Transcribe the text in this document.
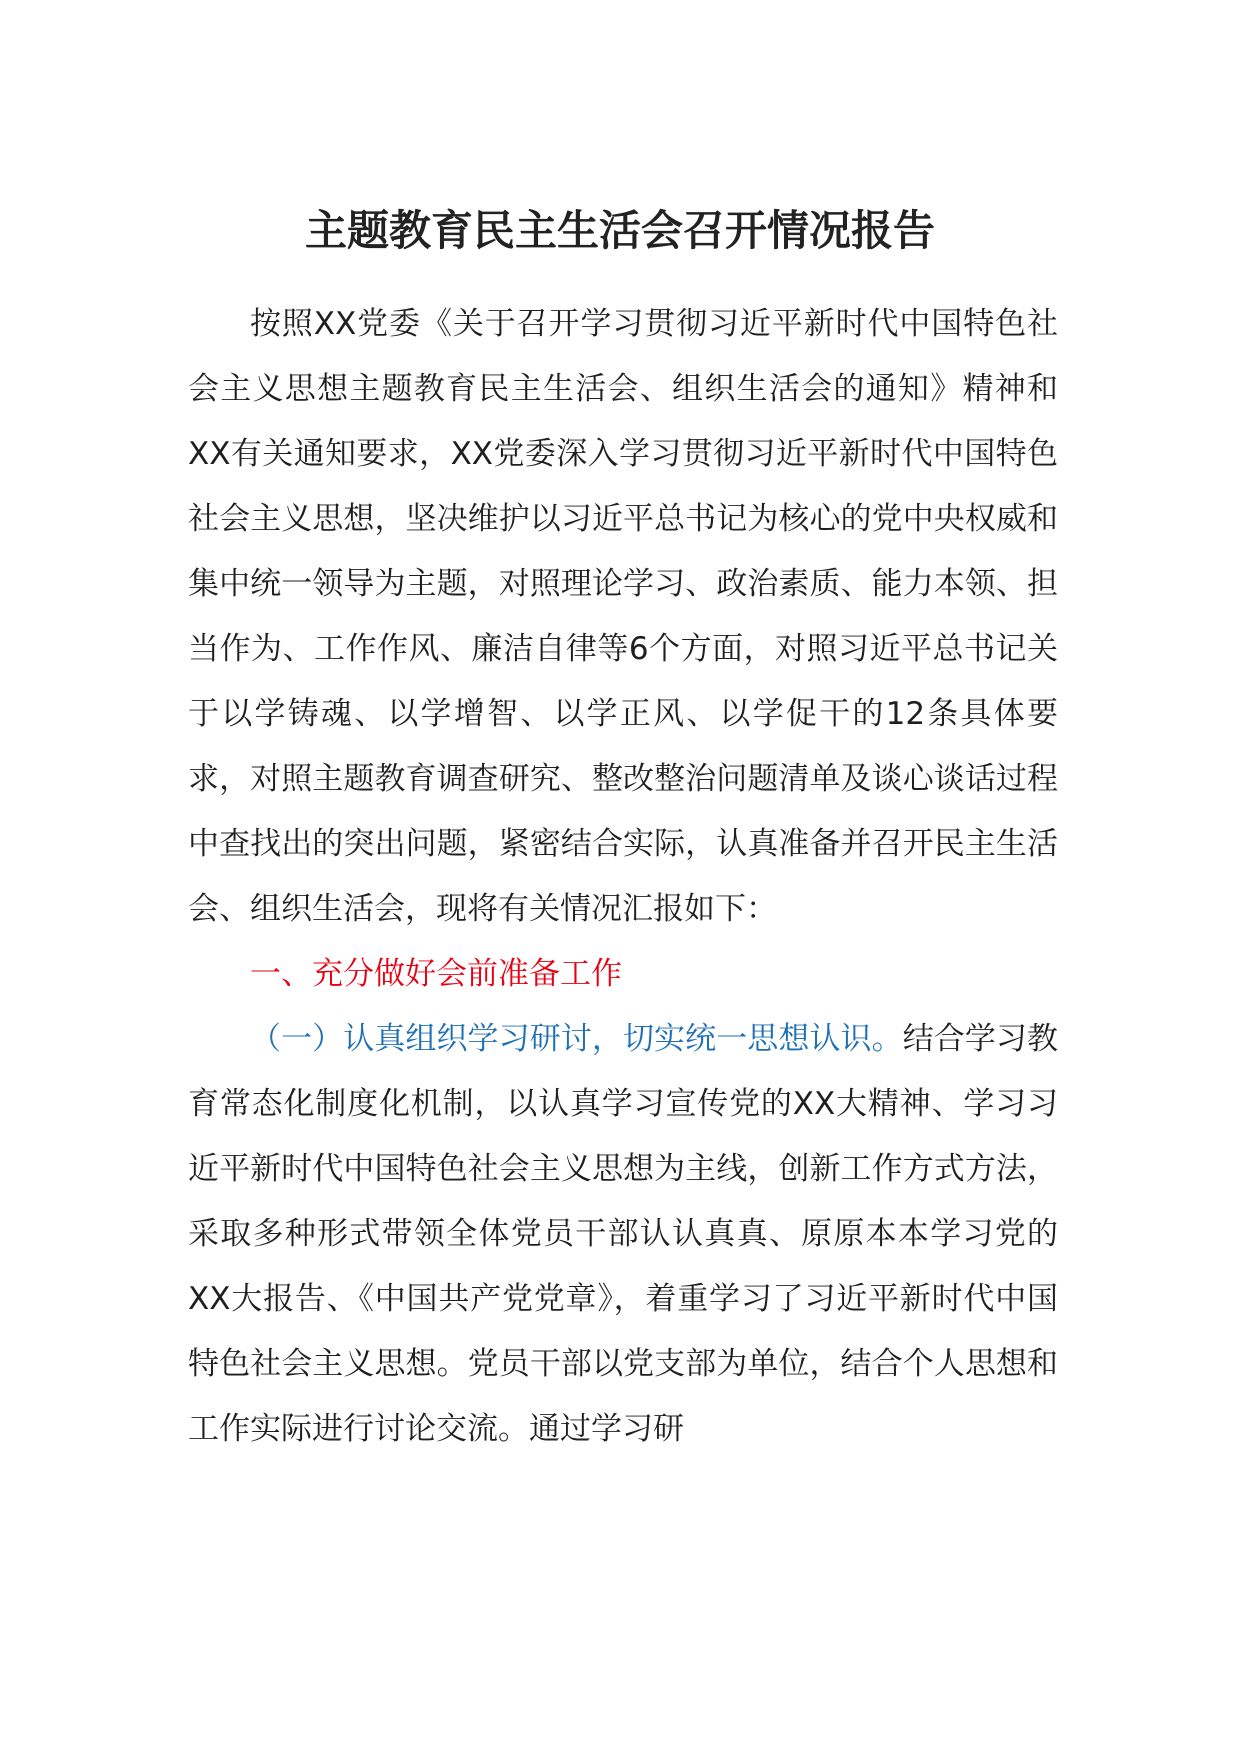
主题教育民主生活会召开情况报告

按照XX党委《关于召开学习贯彻习近平新时代中国特色社会主义思想主题教育民主生活会、组织生活会的通知》精神和XX有关通知要求，XX党委深入学习贯彻习近平新时代中国特色社会主义思想，坚决维护以习近平总书记为核心的党中央权威和集中统一领导为主题，对照理论学习、政治素质、能力本领、担当作为、工作作风、廉洁自律等6个方面，对照习近平总书记关于以学铸魂、以学增智、以学正风、以学促干的12条具体要求，对照主题教育调查研究、整改整治问题清单及谈心谈话过程中查找出的突出问题，紧密结合实际，认真准备并召开民主生活会、组织生活会，现将有关情况汇报如下：

一、充分做好会前准备工作

（一）认真组织学习研讨，切实统一思想认识。结合学习教育常态化制度化机制，以认真学习宣传党的XX大精神、学习习近平新时代中国特色社会主义思想为主线，创新工作方式方法，采取多种形式带领全体党员干部认认真真、原原本本学习党的XX大报告、《中国共产党党章》，着重学习了习近平新时代中国特色社会主义思想。党员干部以党支部为单位，结合个人思想和工作实际进行讨论交流。通过学习研
